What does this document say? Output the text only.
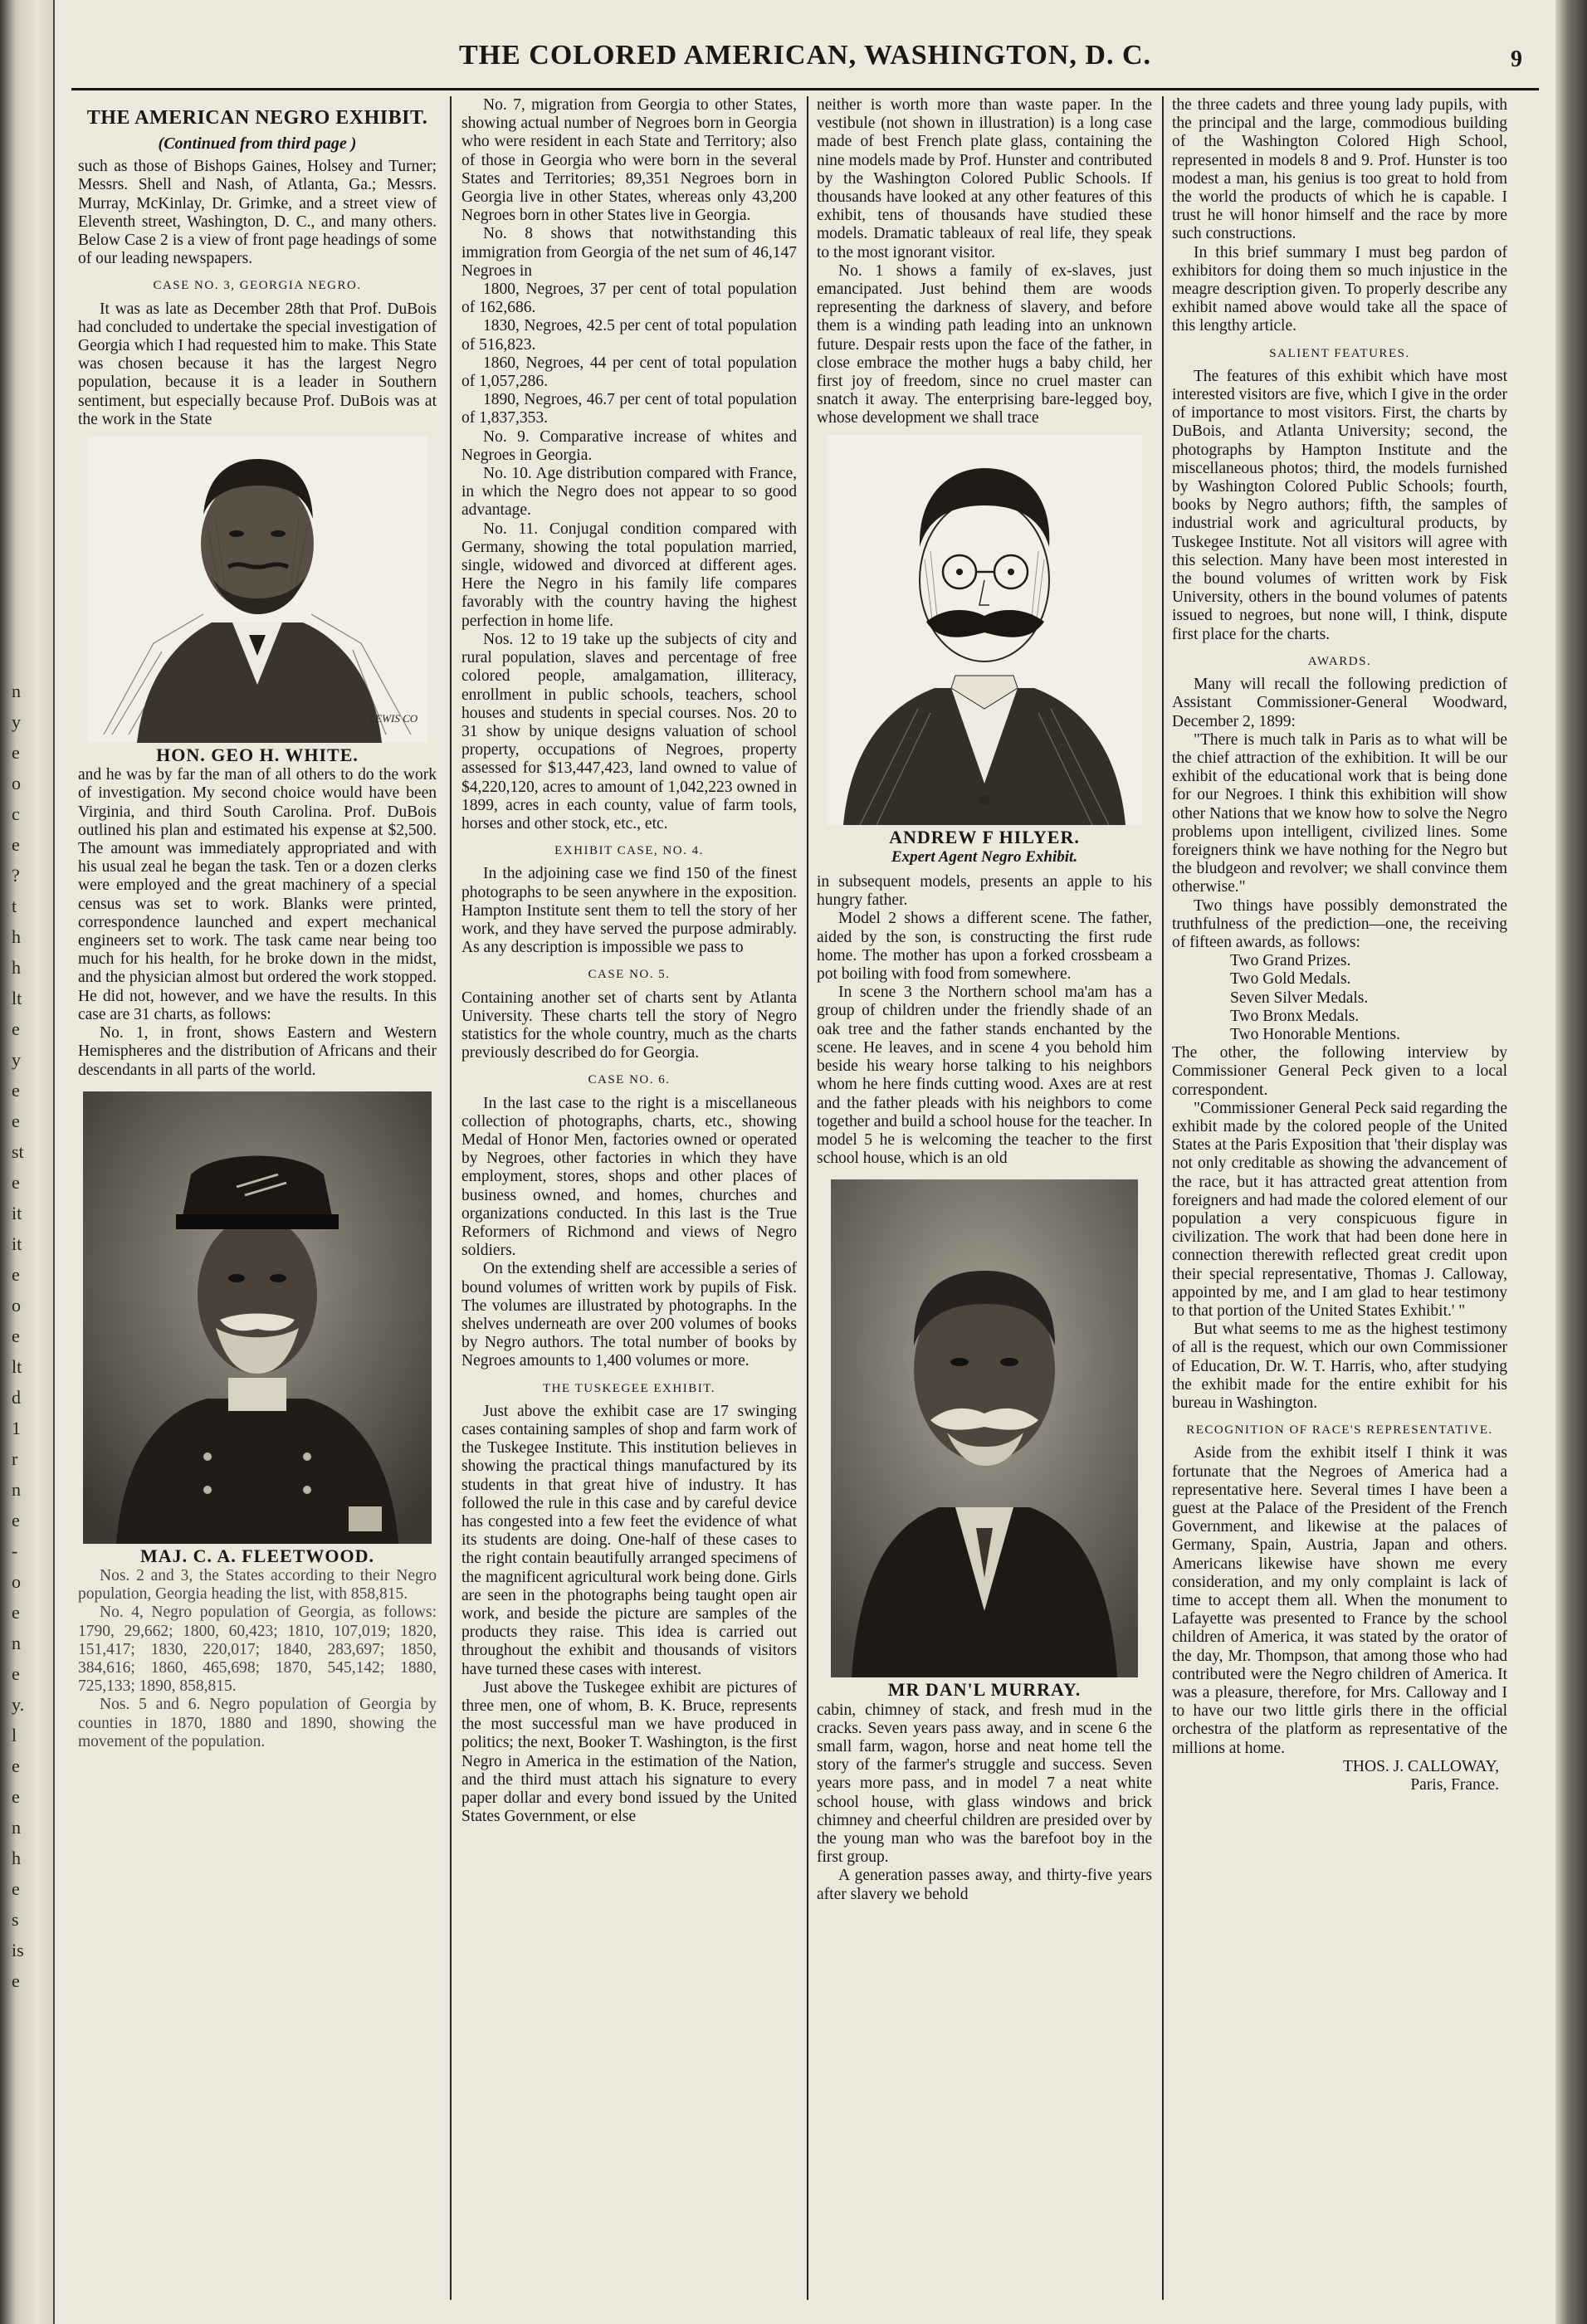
n
y
e
o
c
e
?
t
h
h
lt
e
y
e
e
st
e
it
it
e
o
e
lt
d
1
r
n
e
-
o
e
n
e
y.
l
e
e
n
h
e
s
is
e
THE COLORED AMERICAN, WASHINGTON, D. C.	9
THE AMERICAN NEGRO EXHIBIT.
(Continued from third page )

such as those of Bishops Gaines, Holsey and Turner; Messrs. Shell and Nash, of Atlanta, Ga.; Messrs. Murray, McKinlay, Dr. Grimke, and a street view of Eleventh street, Washington, D. C., and many others. Below Case 2 is a view of front page headings of some of our leading newspapers.

CASE NO. 3, GEORGIA NEGRO.

It was as late as December 28th that Prof. DuBois had concluded to undertake the special investigation of Georgia which I had requested him to make. This State was chosen because it has the largest Negro population, because it is a leader in Southern sentiment, but especially because Prof. DuBois was at the work in the State

LEWIS CO
HON. GEO H. WHITE.

and he was by far the man of all others to do the work of investigation. My second choice would have been Virginia, and third South Carolina. Prof. DuBois outlined his plan and estimated his expense at $2,500. The amount was immediately appropriated and with his usual zeal he began the task. Ten or a dozen clerks were employed and the great machinery of a special census was set to work. Blanks were printed, correspondence launched and expert mechanical engineers set to work. The task came near being too much for his health, for he broke down in the midst, and the physician almost but ordered the work stopped. He did not, however, and we have the results. In this case are 31 charts, as follows:

No. 1, in front, shows Eastern and Western Hemispheres and the distribution of Africans and their descendants in all parts of the world.

MAJ. C. A. FLEETWOOD.

Nos. 2 and 3, the States according to their Negro population, Georgia heading the list, with 858,815.

No. 4, Negro population of Georgia, as follows: 1790, 29,662; 1800, 60,423; 1810, 107,019; 1820, 151,417; 1830, 220,017; 1840, 283,697; 1850, 384,616; 1860, 465,698; 1870, 545,142; 1880, 725,133; 1890, 858,815.

Nos. 5 and 6. Negro population of Georgia by counties in 1870, 1880 and 1890, showing the movement of the population.

No. 7, migration from Georgia to other States, showing actual number of Negroes born in Georgia who were resident in each State and Territory; also of those in Georgia who were born in the several States and Territories; 89,351 Negroes born in Georgia live in other States, whereas only 43,200 Negroes born in other States live in Georgia.

No. 8 shows that notwithstanding this immigration from Georgia of the net sum of 46,147 Negroes in

1800, Negroes, 37 per cent of total population of 162,686.

1830, Negroes, 42.5 per cent of total population of 516,823.

1860, Negroes, 44 per cent of total population of 1,057,286.

1890, Negroes, 46.7 per cent of total population of 1,837,353.

No. 9. Comparative increase of whites and Negroes in Georgia.

No. 10. Age distribution compared with France, in which the Negro does not appear to so good advantage.

No. 11. Conjugal condition compared with Germany, showing the total population married, single, widowed and divorced at different ages. Here the Negro in his family life compares favorably with the country having the highest perfection in home life.

Nos. 12 to 19 take up the subjects of city and rural population, slaves and percentage of free colored people, amalgamation, illiteracy, enrollment in public schools, teachers, school houses and students in special courses. Nos. 20 to 31 show by unique designs valuation of school property, occupations of Negroes, property assessed for $13,447,423, land owned to value of $4,220,120, acres to amount of 1,042,223 owned in 1899, acres in each county, value of farm tools, horses and other stock, etc., etc.

EXHIBIT CASE, NO. 4.

In the adjoining case we find 150 of the finest photographs to be seen anywhere in the exposition. Hampton Institute sent them to tell the story of her work, and they have served the purpose admirably. As any description is impossible we pass to

CASE NO. 5.

Containing another set of charts sent by Atlanta University. These charts tell the story of Negro statistics for the whole country, much as the charts previously described do for Georgia.

CASE NO. 6.

In the last case to the right is a miscellaneous collection of photographs, charts, etc., showing Medal of Honor Men, factories owned or operated by Negroes, other factories in which they have employment, stores, shops and other places of business owned, and homes, churches and organizations conducted. In this last is the True Reformers of Richmond and views of Negro soldiers.

On the extending shelf are accessible a series of bound volumes of written work by pupils of Fisk. The volumes are illustrated by photographs. In the shelves underneath are over 200 volumes of books by Negro authors. The total number of books by Negroes amounts to 1,400 volumes or more.

THE TUSKEGEE EXHIBIT.

Just above the exhibit case are 17 swinging cases containing samples of shop and farm work of the Tuskegee Institute. This institution believes in showing the practical things manufactured by its students in that great hive of industry. It has followed the rule in this case and by careful device has congested into a few feet the evidence of what its students are doing. One-half of these cases to the right contain beautifully arranged specimens of the magnificent agricultural work being done. Girls are seen in the photographs being taught open air work, and beside the picture are samples of the products they raise. This idea is carried out throughout the exhibit and thousands of visitors have turned these cases with interest.

Just above the Tuskegee exhibit are pictures of three men, one of whom, B. K. Bruce, represents the most successful man we have produced in politics; the next, Booker T. Washington, is the first Negro in America in the estimation of the Nation, and the third must attach his signature to every paper dollar and every bond issued by the United States Government, or else

neither is worth more than waste paper. In the vestibule (not shown in illustration) is a long case made of best French plate glass, containing the nine models made by Prof. Hunster and contributed by the Washington Colored Public Schools. If thousands have looked at any other features of this exhibit, tens of thousands have studied these models. Dramatic tableaux of real life, they speak to the most ignorant visitor.

No. 1 shows a family of ex-slaves, just emancipated. Just behind them are woods representing the darkness of slavery, and before them is a winding path leading into an unknown future. Despair rests upon the face of the father, in close embrace the mother hugs a baby child, her first joy of freedom, since no cruel master can snatch it away. The enterprising bare-legged boy, whose development we shall trace

ANDREW F HILYER.
Expert Agent Negro Exhibit.

in subsequent models, presents an apple to his hungry father.

Model 2 shows a different scene. The father, aided by the son, is constructing the first rude home. The mother has upon a forked crossbeam a pot boiling with food from somewhere.

In scene 3 the Northern school ma'am has a group of children under the friendly shade of an oak tree and the father stands enchanted by the scene. He leaves, and in scene 4 you behold him beside his weary horse talking to his neighbors whom he here finds cutting wood. Axes are at rest and the father pleads with his neighbors to come together and build a school house for the teacher. In model 5 he is welcoming the teacher to the first school house, which is an old

MR DAN'L MURRAY.

cabin, chimney of stack, and fresh mud in the cracks. Seven years pass away, and in scene 6 the small farm, wagon, horse and neat home tell the story of the farmer's struggle and success. Seven years more pass, and in model 7 a neat white school house, with glass windows and brick chimney and cheerful children are presided over by the young man who was the barefoot boy in the first group.

A generation passes away, and thirty-five years after slavery we behold

the three cadets and three young lady pupils, with the principal and the large, commodious building of the Washington Colored High School, represented in models 8 and 9. Prof. Hunster is too modest a man, his genius is too great to hold from the world the products of which he is capable. I trust he will honor himself and the race by more such constructions.

In this brief summary I must beg pardon of exhibitors for doing them so much injustice in the meagre description given. To properly describe any exhibit named above would take all the space of this lengthy article.

SALIENT FEATURES.

The features of this exhibit which have most interested visitors are five, which I give in the order of importance to most visitors. First, the charts by DuBois, and Atlanta University; second, the photographs by Hampton Institute and the miscellaneous photos; third, the models furnished by Washington Colored Public Schools; fourth, books by Negro authors; fifth, the samples of industrial work and agricultural products, by Tuskegee Institute. Not all visitors will agree with this selection. Many have been most interested in the bound volumes of written work by Fisk University, others in the bound volumes of patents issued to negroes, but none will, I think, dispute first place for the charts.

AWARDS.

Many will recall the following prediction of Assistant Commissioner-General Woodward, December 2, 1899:

"There is much talk in Paris as to what will be the chief attraction of the exhibition. It will be our exhibit of the educational work that is being done for our Negroes. I think this exhibition will show other Nations that we know how to solve the Negro problems upon intelligent, civilized lines. Some foreigners think we have nothing for the Negro but the bludgeon and revolver; we shall convince them otherwise."

Two things have possibly demonstrated the truthfulness of the prediction—one, the receiving of fifteen awards, as follows:

Two Grand Prizes.

Two Gold Medals.

Seven Silver Medals.

Two Bronx Medals.

Two Honorable Mentions.

The other, the following interview by Commissioner General Peck given to a local correspondent.

"Commissioner General Peck said regarding the exhibit made by the colored people of the United States at the Paris Exposition that 'their display was not only creditable as showing the advancement of the race, but it has attracted great attention from foreigners and had made the colored element of our population a very conspicuous figure in civilization. The work that had been done here in connection therewith reflected great credit upon their special representative, Thomas J. Calloway, appointed by me, and I am glad to hear testimony to that portion of the United States Exhibit.' "

But what seems to me as the highest testimony of all is the request, which our own Commissioner of Education, Dr. W. T. Harris, who, after studying the exhibit made for the entire exhibit for his bureau in Washington.

RECOGNITION OF RACE'S REPRESENTATIVE.

Aside from the exhibit itself I think it was fortunate that the Negroes of America had a representative here. Several times I have been a guest at the Palace of the President of the French Government, and likewise at the palaces of Germany, Spain, Austria, Japan and others. Americans likewise have shown me every consideration, and my only complaint is lack of time to accept them all. When the monument to Lafayette was presented to France by the school children of America, it was stated by the orator of the day, Mr. Thompson, that among those who had contributed were the Negro children of America. It was a pleasure, therefore, for Mrs. Calloway and I to have our two little girls there in the official orchestra of the platform as representative of the millions at home.

THOS. J. CALLOWAY,

Paris, France.
